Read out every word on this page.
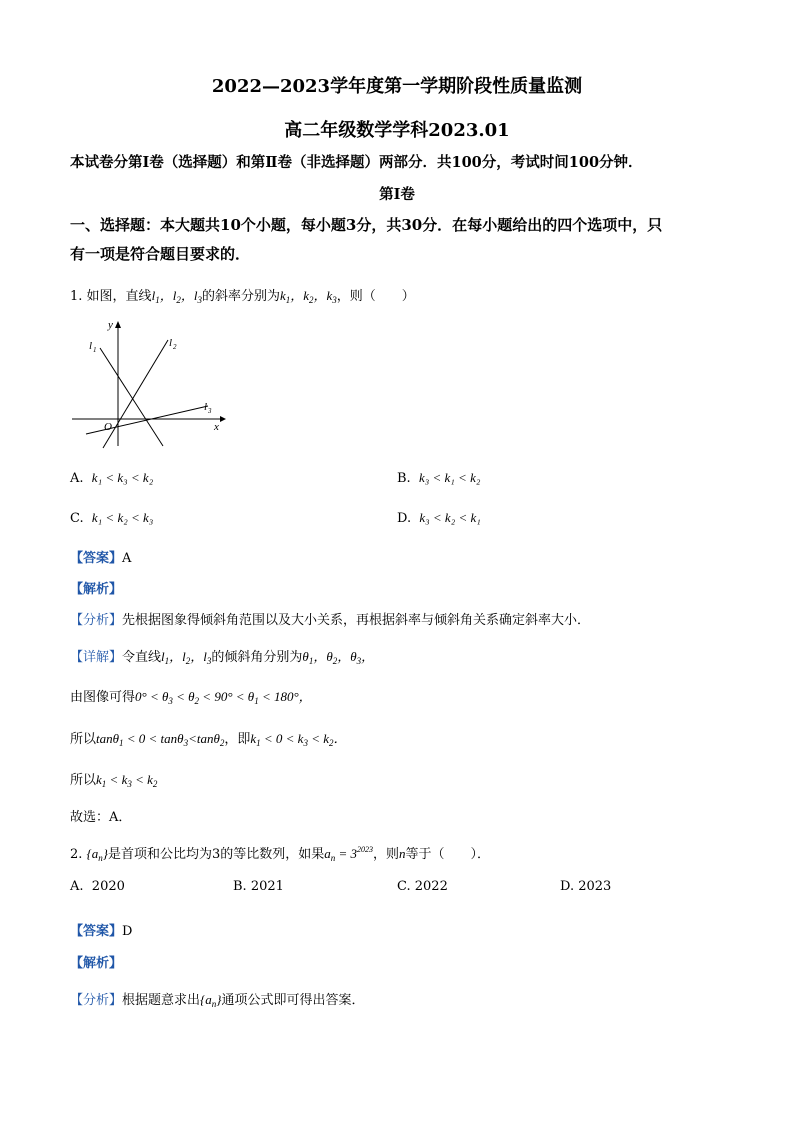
2022—2023学年度第一学期阶段性质量监测
高二年级数学学科2023.01
本试卷分第Ⅰ卷（选择题）和第Ⅱ卷（非选择题）两部分．共100分，考试时间100分钟．
第Ⅰ卷
一、选择题：本大题共10个小题，每小题3分，共30分．在每小题给出的四个选项中，只
有一项是符合题目要求的．
1. 如图，直线$l_1$，$l_2$，$l_3$的斜率分别为$k_1$，$k_2$，$k_3$，则（　　）
y
x
O
l 1
l 2
l 3
A. k₁ < k₃ < k₂	B. k₃ < k₁ < k₂
C. k₁ < k₂ < k₃	D. k₃ < k₂ < k₁
【答案】A
【解析】
【分析】先根据图象得倾斜角范围以及大小关系，再根据斜率与倾斜角关系确定斜率大小．
【详解】令直线$l_1$，$l_2$，$l_3$的倾斜角分别为$\theta_1$，$\theta_2$，$\theta_3$，
由图像可得$0^\circ < \theta_3 < \theta_2 < 90^\circ < \theta_1 < 180^\circ$，
所以tanθ$_1$ < 0 < tanθ$_3$<tanθ$_2$，即$k_1 < 0 < k_3 < k_2$．
所以$k_1 < k_3 < k_2$
故选：A．
2. $\{a_n\}$是首项和公比均为3的等比数列，如果$a_n = 3^{2023}$，则n等于（　　）．
A. 2020	B. 2021	C. 2022	D. 2023
【答案】D
【解析】
【分析】根据题意求出$\{a_n\}$通项公式即可得出答案．
